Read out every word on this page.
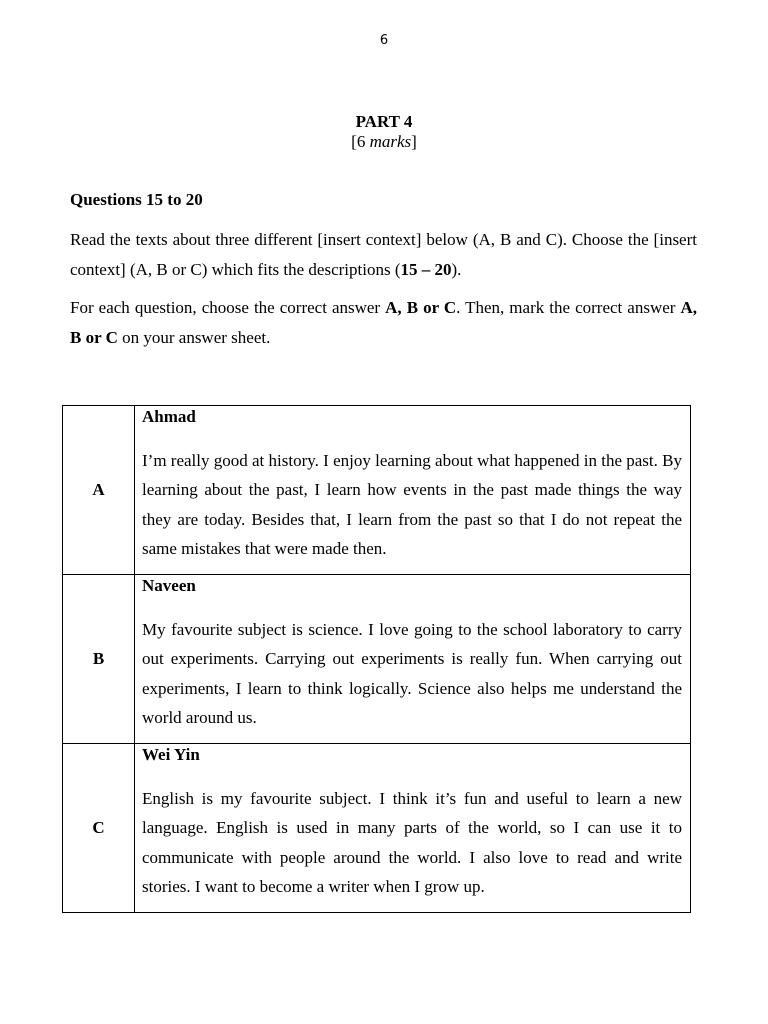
6
PART 4
[6 marks]
Questions 15 to 20

Read the texts about three different [insert context] below (A, B and C). Choose the [insert context] (A, B or C) which fits the descriptions (15 – 20).

For each question, choose the correct answer A, B or C. Then, mark the correct answer A, B or C on your answer sheet.

A	Ahmad
I’m really good at history. I enjoy learning about what happened in the past. By learning about the past, I learn how events in the past made things the way they are today. Besides that, I learn from the past so that I do not repeat the same mistakes that were made then.

B	Naveen
My favourite subject is science. I love going to the school laboratory to carry out experiments. Carrying out experiments is really fun. When carrying out experiments, I learn to think logically. Science also helps me understand the world around us.

C	Wei Yin
English is my favourite subject. I think it’s fun and useful to learn a new language. English is used in many parts of the world, so I can use it to communicate with people around the world. I also love to read and write stories. I want to become a writer when I grow up.
